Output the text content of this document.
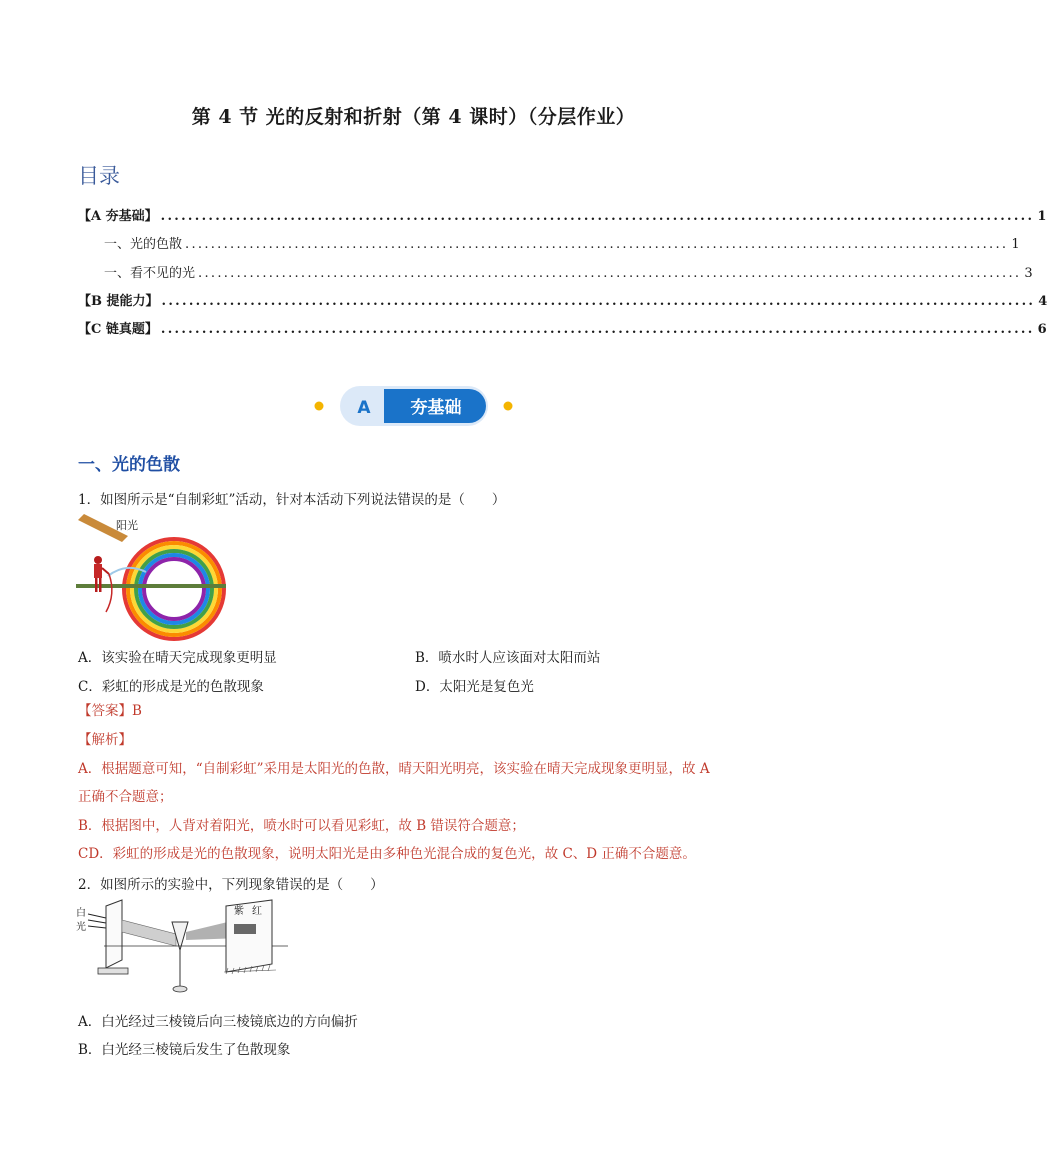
第 4 节 光的反射和折射（第 4 课时）（分层作业）
目录
【A 夯基础】 ................................................................................................................................ 1
一、光的色散 ................................................................................................................................ 1
一、看不见的光 ................................................................................................................................ 3
【B 提能力】 ................................................................................................................................ 4
【C 链真题】 ................................................................................................................................ 6
A 夯基础
一、光的色散
1．如图所示是“自制彩虹”活动，针对本活动下列说法错误的是（　　）
阳光
A．该实验在晴天完成现象更明显	B．喷水时人应该面对太阳而站
C．彩虹的形成是光的色散现象	D．太阳光是复色光
【答案】B
【解析】
A．根据题意可知，“自制彩虹”采用是太阳光的色散，晴天阳光明亮，该实验在晴天完成现象更明显，故 A
正确不合题意；
B．根据图中，人背对着阳光，喷水时可以看见彩虹，故 B 错误符合题意；
CD．彩虹的形成是光的色散现象，说明太阳光是由多种色光混合成的复色光，故 C、D 正确不合题意。
2．如图所示的实验中，下列现象错误的是（　　）
白
光
紫 红
A．白光经过三棱镜后向三棱镜底边的方向偏折
B．白光经三棱镜后发生了色散现象
